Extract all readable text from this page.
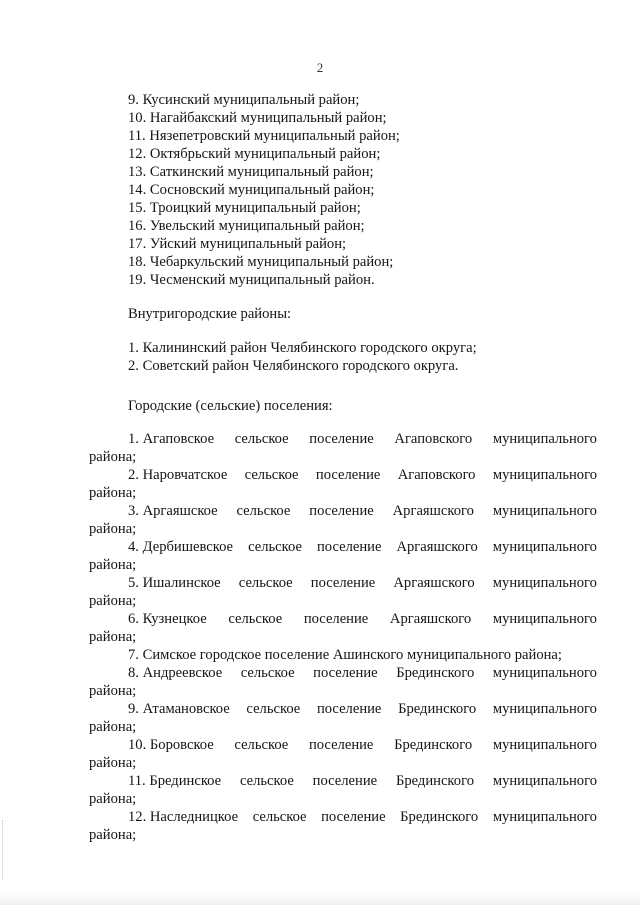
2
9. Кусинский муниципальный район;
10. Нагайбакский муниципальный район;
11. Нязепетровский муниципальный район;
12. Октябрьский муниципальный район;
13. Саткинский муниципальный район;
14. Сосновский муниципальный район;
15. Троицкий муниципальный район;
16. Увельский муниципальный район;
17. Уйский муниципальный район;
18. Чебаркульский муниципальный район;
19. Чесменский муниципальный район.
Внутригородские районы:
1. Калининский район Челябинского городского округа;
2. Советский район Челябинского городского округа.
Городские (сельские) поселения:
1. Агаповское сельское поселение Агаповского муниципального
района;
2. Наровчатское сельское поселение Агаповского муниципального
района;
3. Аргаяшское сельское поселение Аргаяшского муниципального
района;
4. Дербишевское сельское поселение Аргаяшского муниципального
района;
5. Ишалинское сельское поселение Аргаяшского муниципального
района;
6. Кузнецкое сельское поселение Аргаяшского муниципального
района;
7. Симское городское поселение Ашинского муниципального района;
8. Андреевское сельское поселение Брединского муниципального
района;
9. Атамановское сельское поселение Брединского муниципального
района;
10. Боровское сельское поселение Брединского муниципального
района;
11. Брединское сельское поселение Брединского муниципального
района;
12. Наследницкое сельское поселение Брединского муниципального
района;
